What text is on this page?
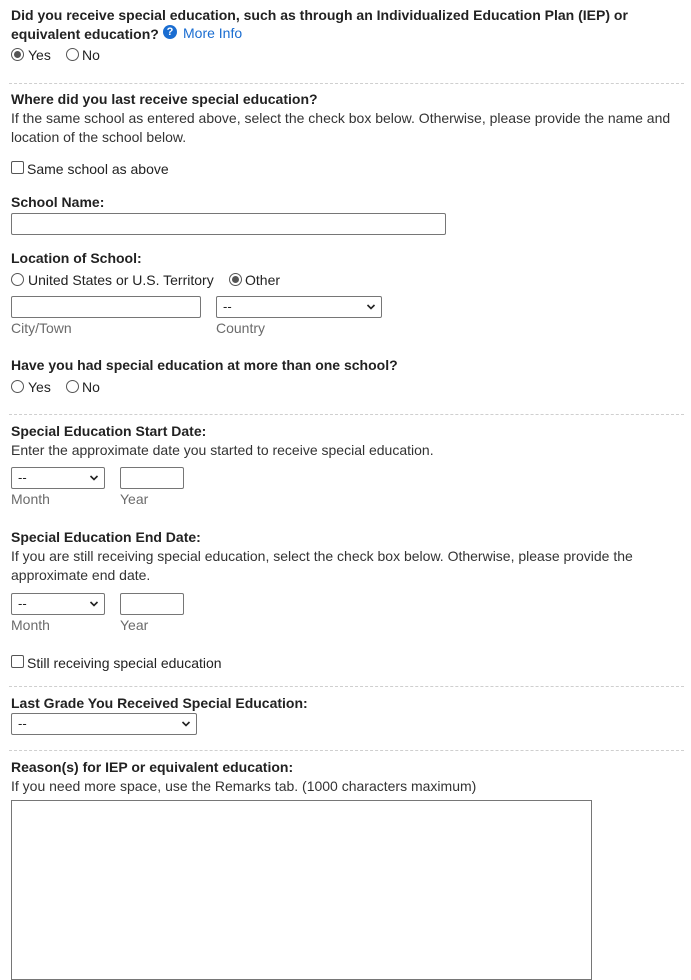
Did you receive special education, such as through an Individualized Education Plan (IEP) or
equivalent education? ? More Info
Yes No
Where did you last receive special education?
If the same school as entered above, select the check box below. Otherwise, please provide the name and
location of the school below.
Same school as above
School Name:
Location of School:
United States or U.S. Territory Other
City/Town
--
Country
Have you had special education at more than one school?
Yes No
Special Education Start Date:
Enter the approximate date you started to receive special education.
--
Month	Year
Special Education End Date:
If you are still receiving special education, select the check box below. Otherwise, please provide the
approximate end date.
--
Month	Year
Still receiving special education
Last Grade You Received Special Education:
--
Reason(s) for IEP or equivalent education:
If you need more space, use the Remarks tab. (1000 characters maximum)
